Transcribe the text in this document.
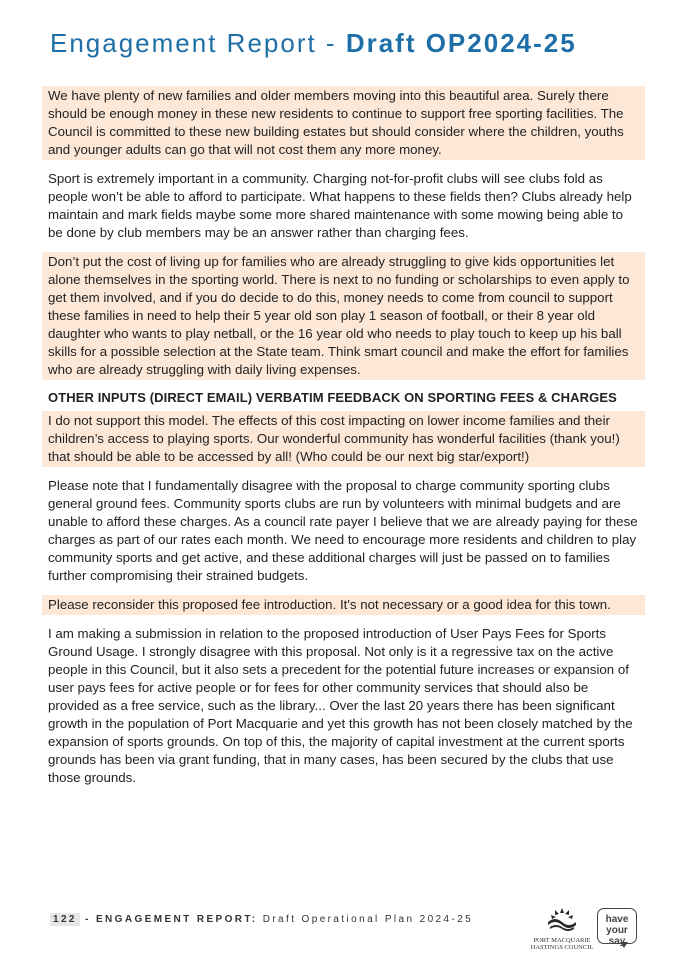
Engagement Report - Draft OP2024-25

We have plenty of new families and older members moving into this beautiful area. Surely there should be enough money in these new residents to continue to support free sporting facilities. The Council is committed to these new building estates but should consider where the children, youths and younger adults can go that will not cost them any more money.

Sport is extremely important in a community. Charging not-for-profit clubs will see clubs fold as people won’t be able to afford to participate. What happens to these fields then? Clubs already help maintain and mark fields maybe some more shared maintenance with some mowing being able to be done by club members may be an answer rather than charging fees.

Don’t put the cost of living up for families who are already struggling to give kids opportunities let alone themselves in the sporting world. There is next to no funding or scholarships to even apply to get them involved, and if you do decide to do this, money needs to come from council to support these families in need to help their 5 year old son play 1 season of football, or their 8 year old daughter who wants to play netball, or the 16 year old who needs to play touch to keep up his ball skills for a possible selection at the State team. Think smart council and make the effort for families who are already struggling with daily living expenses.

OTHER INPUTS (DIRECT EMAIL) VERBATIM FEEDBACK ON SPORTING FEES & CHARGES

I do not support this model. The effects of this cost impacting on lower income families and their children’s access to playing sports. Our wonderful community has wonderful facilities (thank you!) that should be able to be accessed by all! (Who could be our next big star/export!)

Please note that I fundamentally disagree with the proposal to charge community sporting clubs general ground fees. Community sports clubs are run by volunteers with minimal budgets and are unable to afford these charges. As a council rate payer I believe that we are already paying for these charges as part of our rates each month. We need to encourage more residents and children to play community sports and get active, and these additional charges will just be passed on to families further compromising their strained budgets.

Please reconsider this proposed fee introduction. It's not necessary or a good idea for this town.

I am making a submission in relation to the proposed introduction of User Pays Fees for Sports Ground Usage. I strongly disagree with this proposal. Not only is it a regressive tax on the active people in this Council, but it also sets a precedent for the potential future increases or expansion of user pays fees for active people or for fees for other community services that should also be provided as a free service, such as the library... Over the last 20 years there has been significant growth in the population of Port Macquarie and yet this growth has not been closely matched by the expansion of sports grounds. On top of this, the majority of capital investment at the current sports grounds has been via grant funding, that in many cases, has been secured by the clubs that use those grounds.

122 - ENGAGEMENT REPORT: Draft Operational Plan 2024-25
PORT MACQUARIE
HASTINGS COUNCIL
have
your say
